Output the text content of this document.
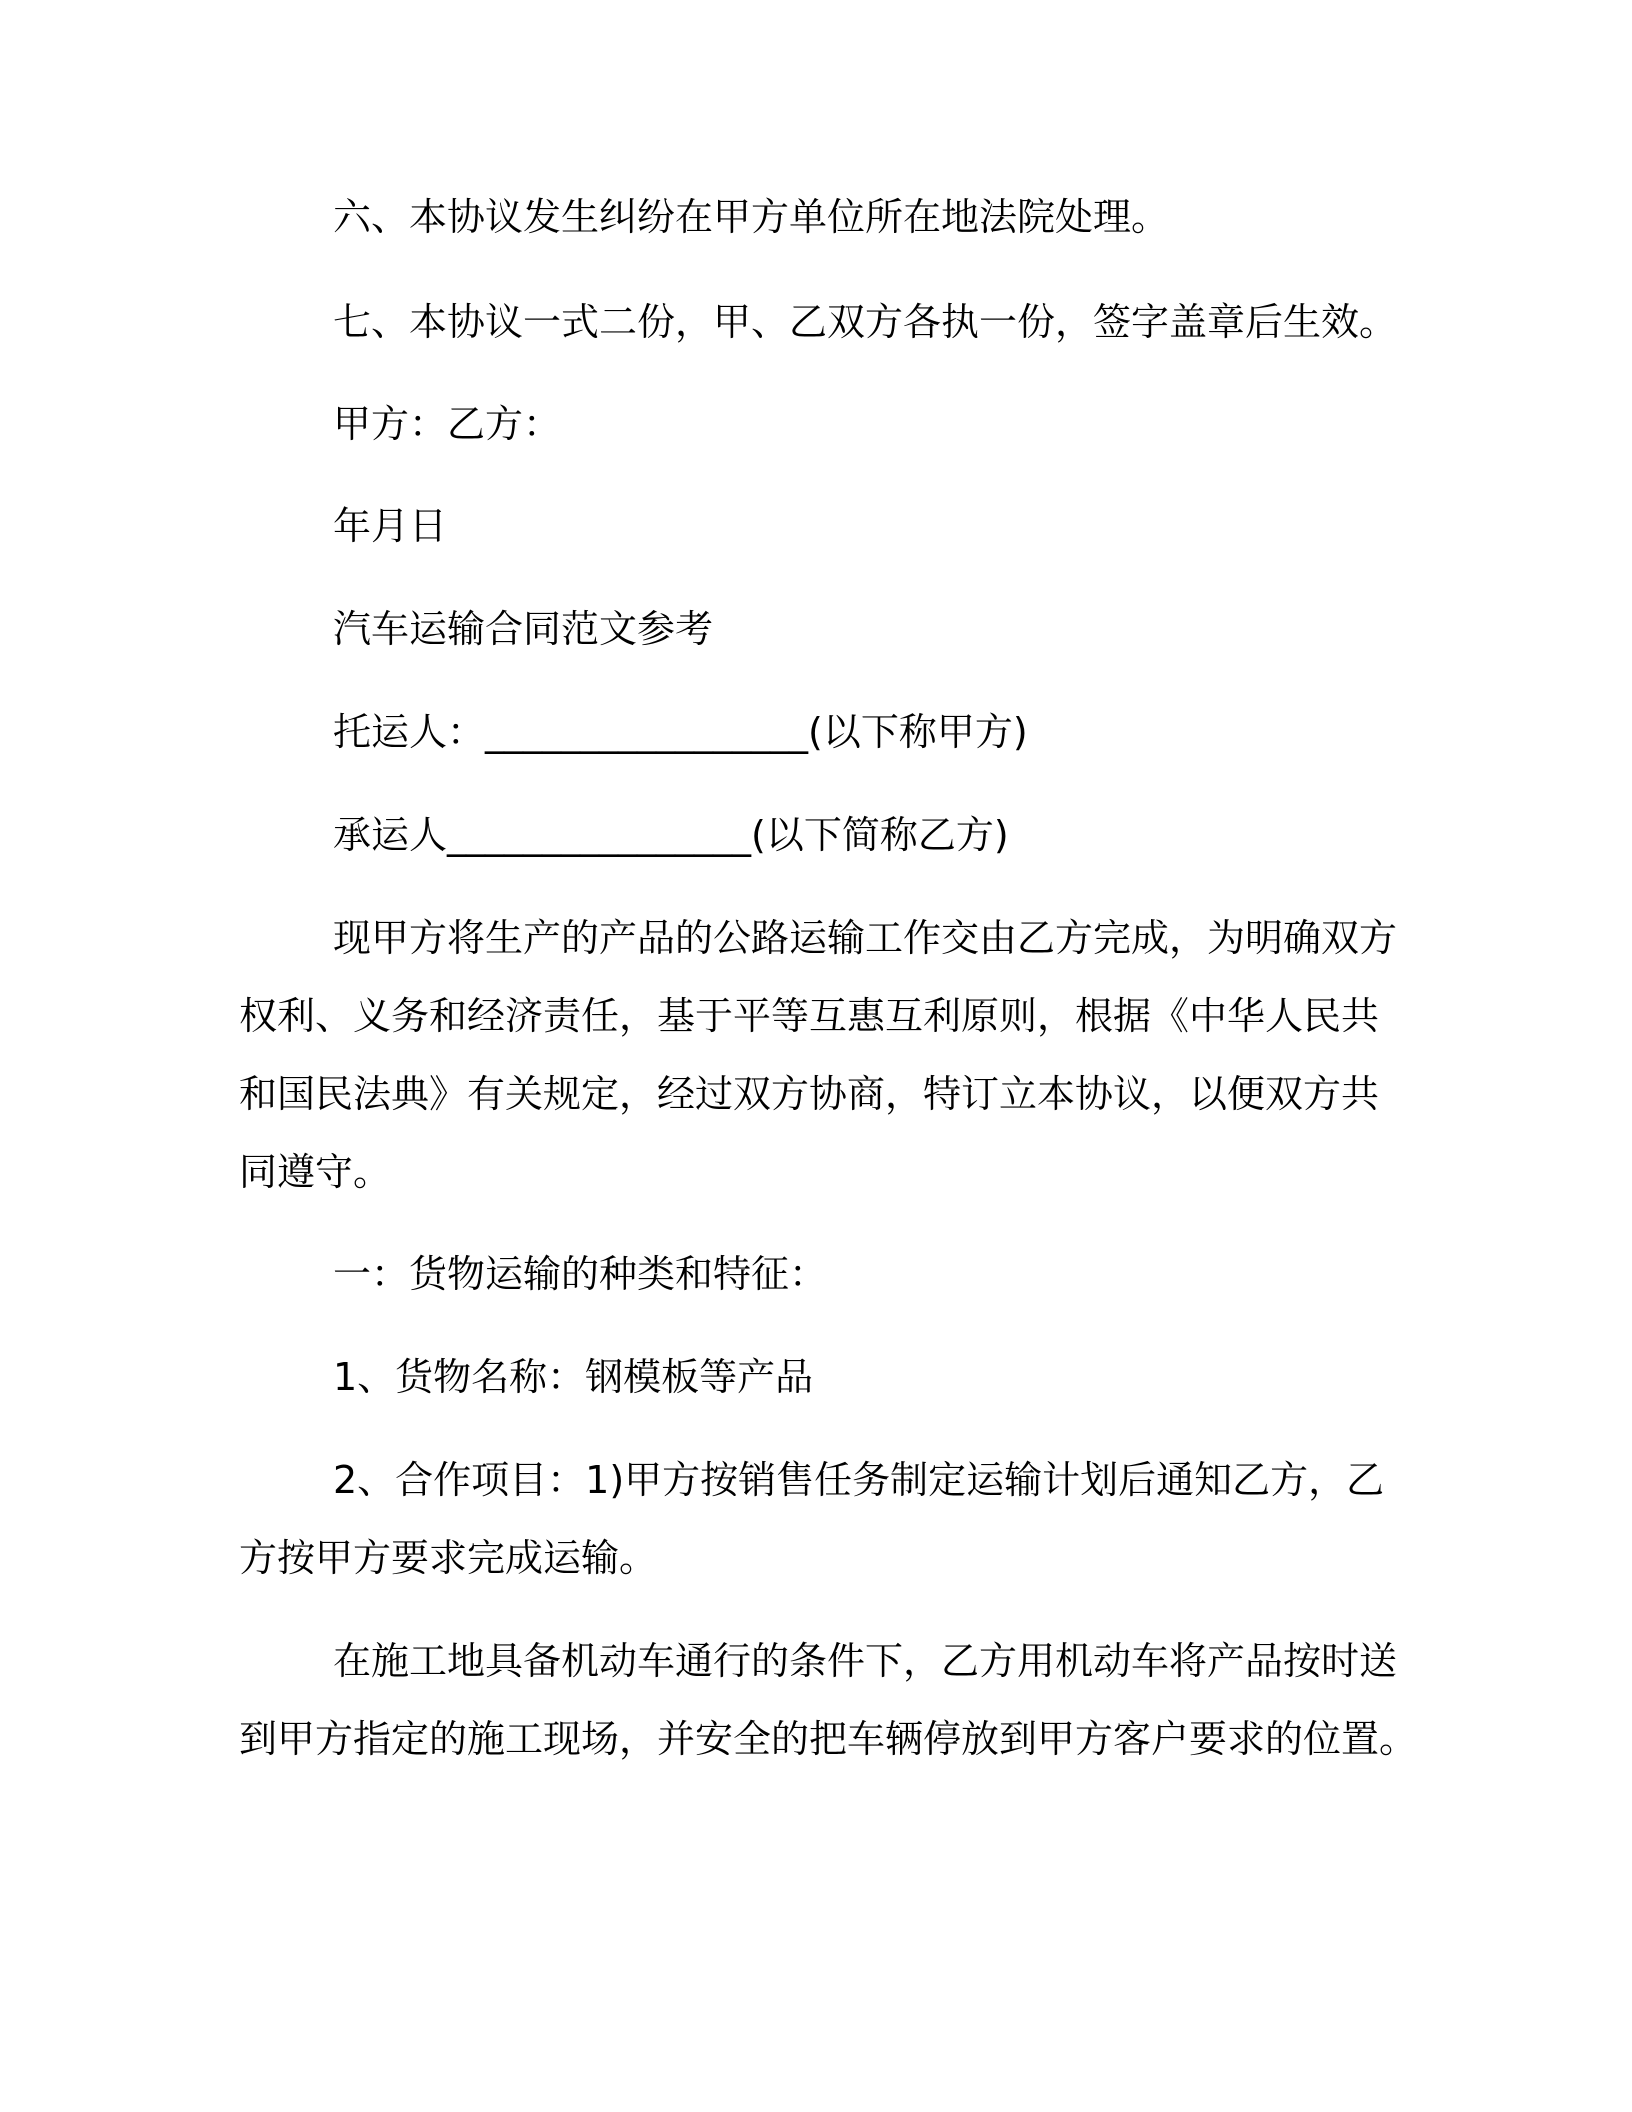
六、本协议发生纠纷在甲方单位所在地法院处理。
七、本协议一式二份，甲、乙双方各执一份，签字盖章后生效。
甲方：乙方：
年月日
汽车运输合同范文参考
托运人：_________________(以下称甲方)
承运人________________(以下简称乙方)
现甲方将生产的产品的公路运输工作交由乙方完成，为明确双方
权利、义务和经济责任，基于平等互惠互利原则，根据《中华人民共
和国民法典》有关规定，经过双方协商，特订立本协议，以便双方共
同遵守。
一：货物运输的种类和特征：
1、货物名称：钢模板等产品
2、合作项目：1)甲方按销售任务制定运输计划后通知乙方，乙
方按甲方要求完成运输。
在施工地具备机动车通行的条件下，乙方用机动车将产品按时送
到甲方指定的施工现场，并安全的把车辆停放到甲方客户要求的位置。
